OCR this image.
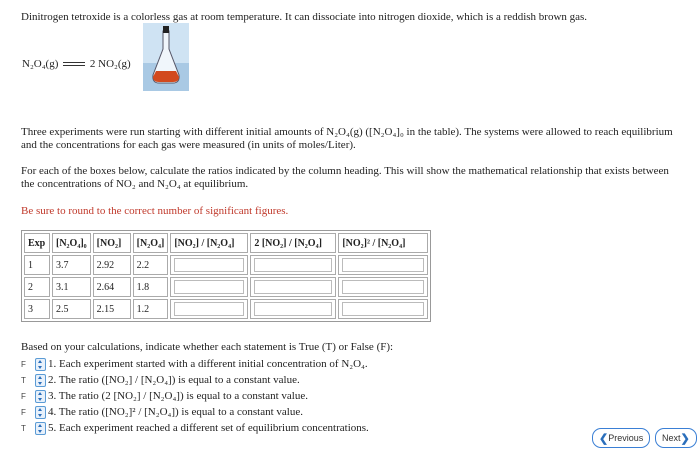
Dinitrogen tetroxide is a colorless gas at room temperature. It can dissociate into nitrogen dioxide, which is a reddish brown gas.
N₂O₄(g)	2 NO₂(g)
Three experiments were run starting with different initial amounts of N₂O₄(g) ([N₂O₄]₀ in the table). The systems were allowed to reach equilibrium
and the concentrations for each gas were measured (in units of moles/Liter).
For each of the boxes below, calculate the ratios indicated by the column heading. This will show the mathematical relationship that exists between
the concentrations of NO₂ and N₂O₄ at equilibrium.
Be sure to round to the correct number of significant figures.
Exp	[N₂O₄]₀	[NO₂]	[N₂O₄]	[NO₂] / [N₂O₄]	2 [NO₂] / [N₂O₄]	[NO₂]² / [N₂O₄]
1	3.7	2.92	2.2	

2	3.1	2.64	1.8	

3	2.5	2.15	1.2	

Based on your calculations, indicate whether each statement is True (T) or False (F):
F	1. Each experiment started with a different initial concentration of N₂O₄.
T	2. The ratio ([NO₂] / [N₂O₄]) is equal to a constant value.
F	3. The ratio (2 [NO₂] / [N₂O₄]) is equal to a constant value.
F	4. The ratio ([NO₂]² / [N₂O₄]) is equal to a constant value.
T	5. Each experiment reached a different set of equilibrium concentrations.
❮ Previous Next ❯
